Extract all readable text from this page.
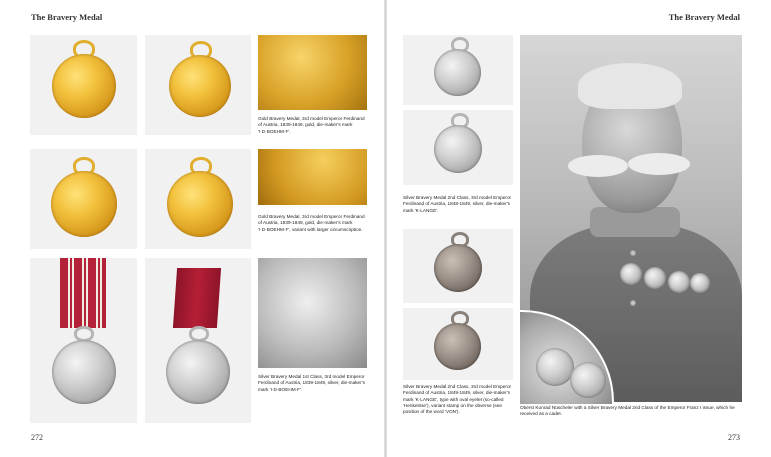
The Bravery Medal
Gold Bravery Medal, 3rd model Emperor Ferdinand of Austria, 1839-1849, gold, die-maker's mark 'I·D·BOEHM·F'.
Gold Bravery Medal, 3rd model Emperor Ferdinand of Austria, 1839-1849, gold, die-maker's mark 'I·D·BOEHM·F', variant with larger circumscription.
Silver Bravery Medal 1st Class, 3rd model Emperor Ferdinand of Austria, 1839-1849, silver, die-maker's mark 'I·D·BOEHM·F'.
272
The Bravery Medal
Silver Bravery Medal 2nd Class, 3rd model Emperor Ferdinand of Austria, 1848-1849, silver, die-maker's mark 'K·LANGE'.
Silver Bravery Medal 2nd Class, 3rd model Emperor Ferdinand of Austria, 1849-1849, silver, die-maker's mark 'K·LANGE', type with oval eyelet (so-called 'Henkelöse'), variant stamp on the obverse (see position of the word 'VON').
Oberst Konrad Nüscheler with a Silver Bravery Medal 2nd Class of the Emperor Franz I issue, which he received as a cadet.
273
